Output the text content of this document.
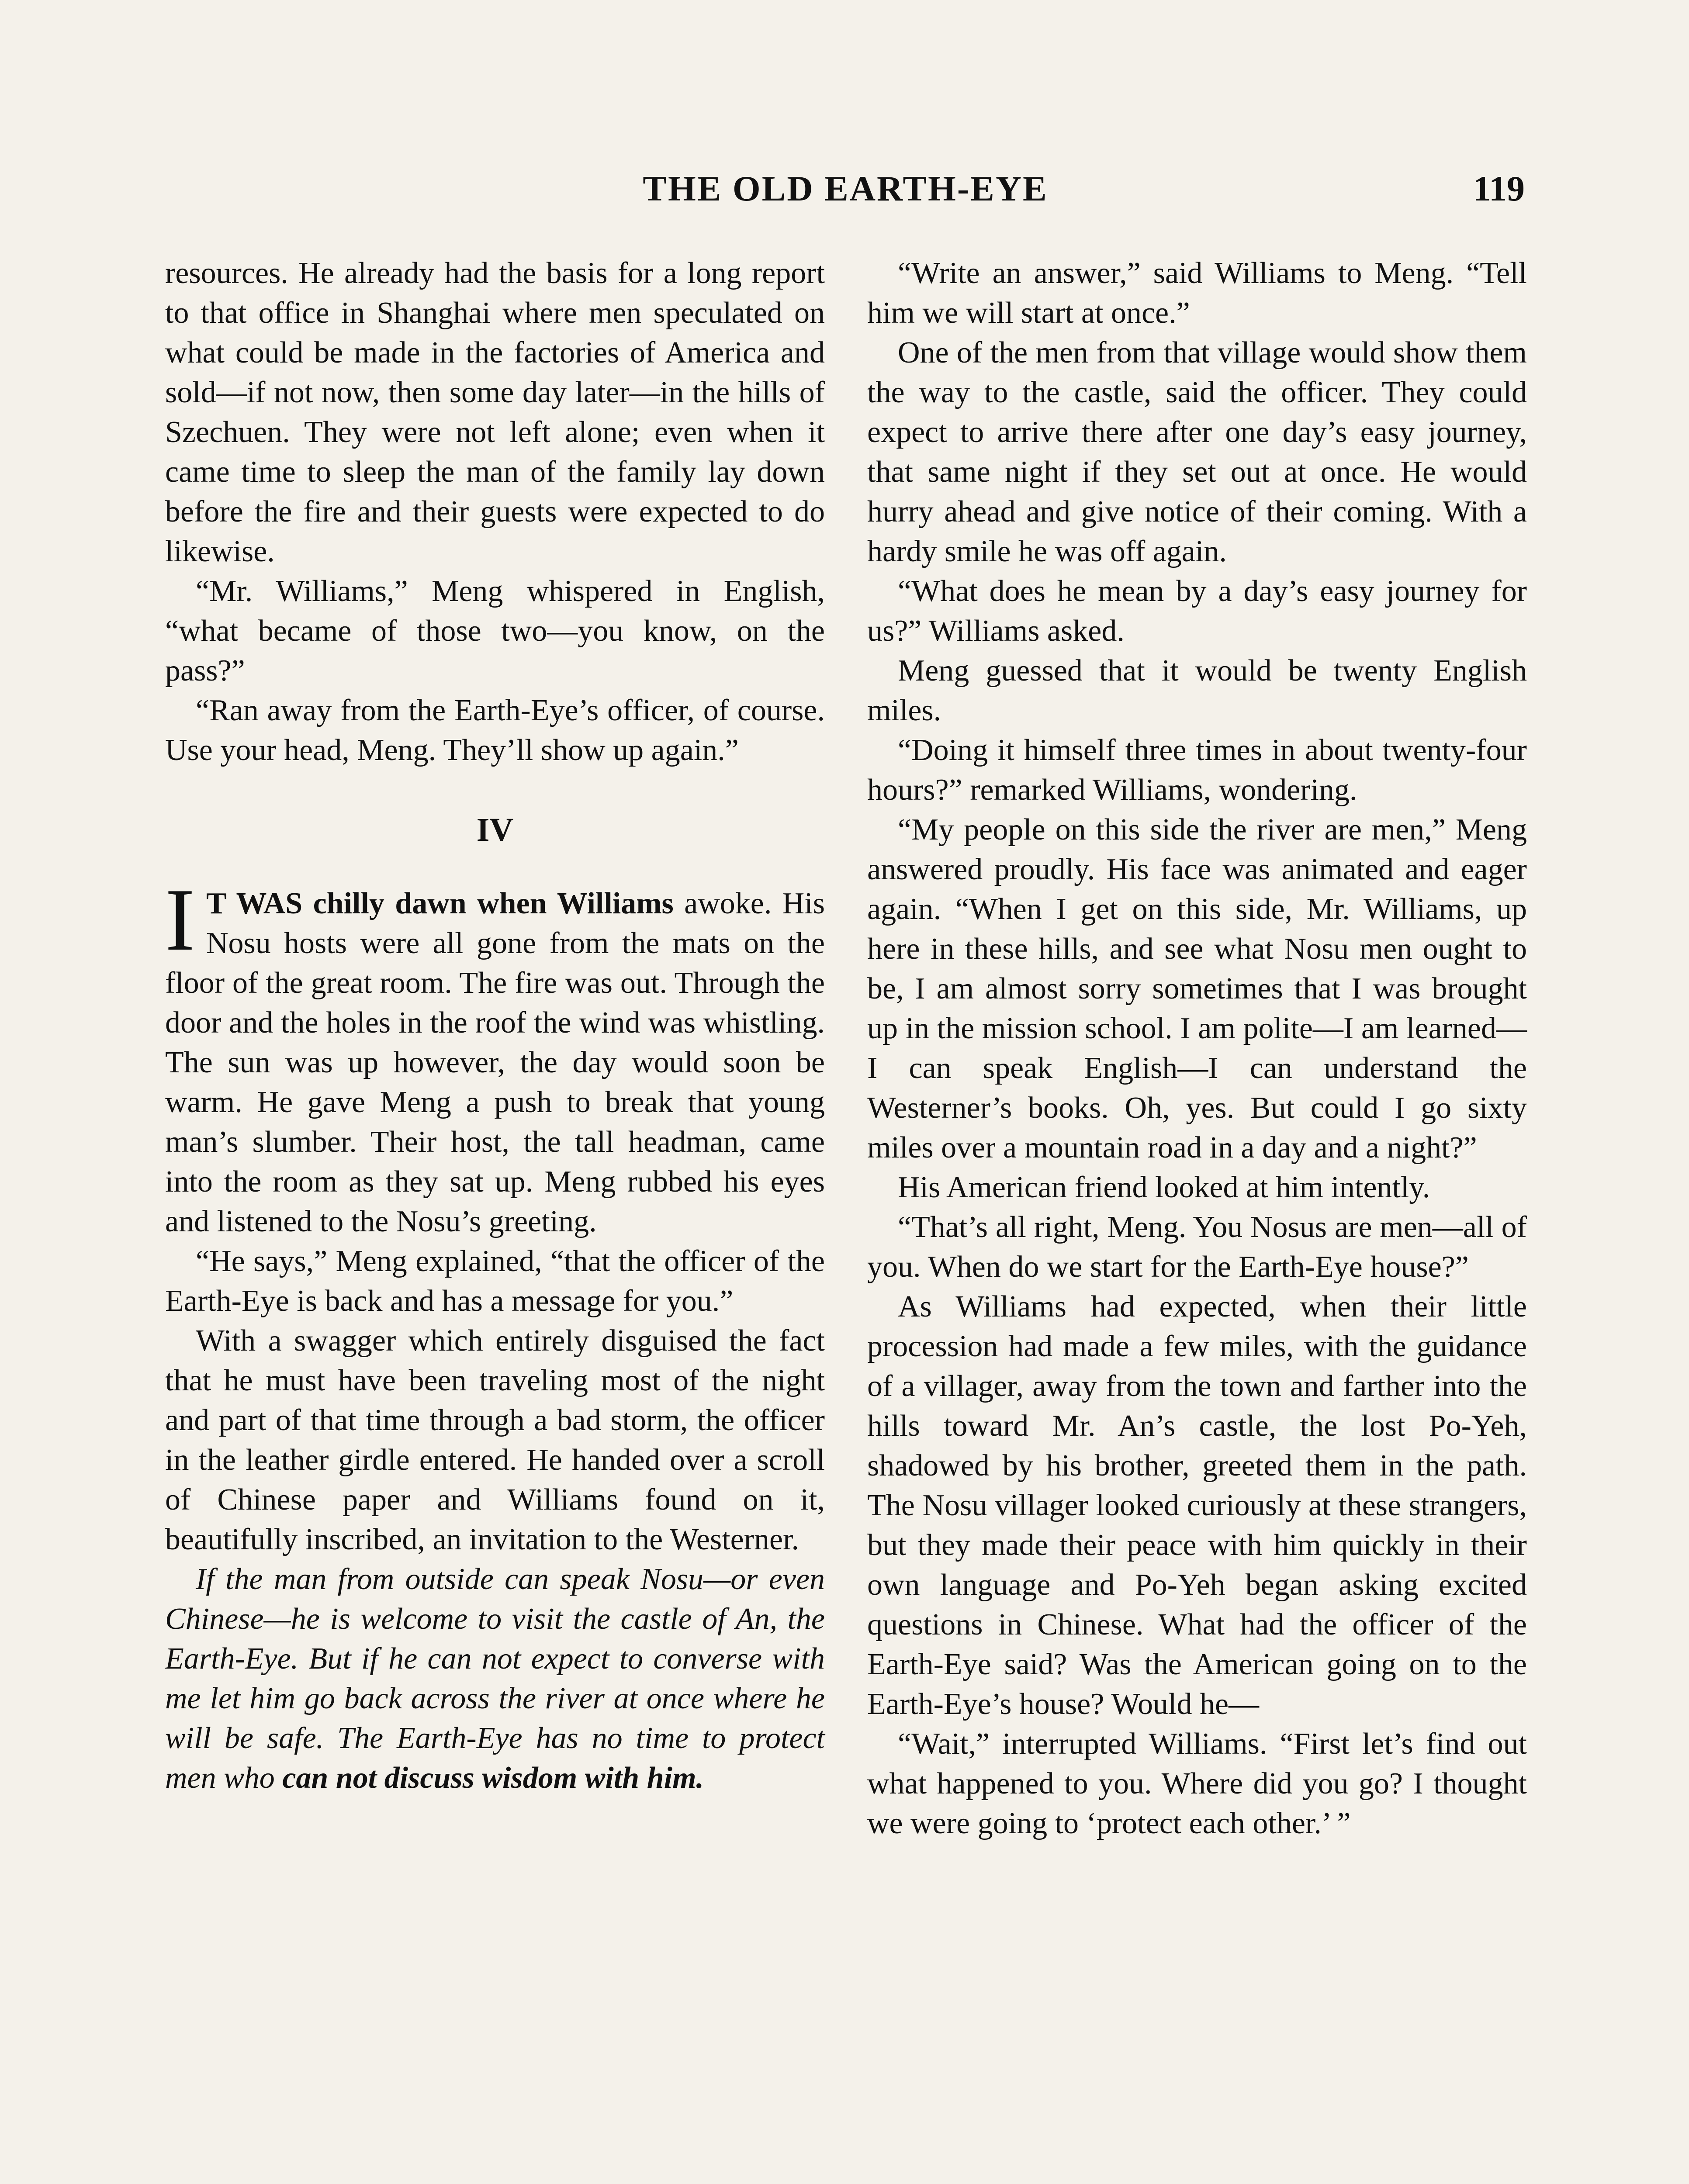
THE OLD EARTH-EYE	119

resources. He already had the basis for a long report to that office in Shanghai where men speculated on what could be made in the factories of America and sold—if not now, then some day later—in the hills of Szechuen. They were not left alone; even when it came time to sleep the man of the family lay down before the fire and their guests were expected to do likewise.

“Mr. Williams,” Meng whispered in English, “what became of those two—you know, on the pass?”

“Ran away from the Earth-Eye’s officer, of course. Use your head, Meng. They’ll show up again.”

IV

I T WAS chilly dawn when Williams awoke. His Nosu hosts were all gone from the mats on the floor of the great room. The fire was out. Through the door and the holes in the roof the wind was whistling. The sun was up however, the day would soon be warm. He gave Meng a push to break that young man’s slumber. Their host, the tall headman, came into the room as they sat up. Meng rubbed his eyes and listened to the Nosu’s greeting.

“He says,” Meng explained, “that the officer of the Earth-Eye is back and has a message for you.”

With a swagger which entirely disguised the fact that he must have been traveling most of the night and part of that time through a bad storm, the officer in the leather girdle entered. He handed over a scroll of Chinese paper and Williams found on it, beautifully inscribed, an invitation to the Westerner.

If the man from outside can speak Nosu—or even Chinese—he is welcome to visit the castle of An, the Earth-Eye. But if he can not expect to converse with me let him go back across the river at once where he will be safe. The Earth-Eye has no time to protect men who can not discuss wisdom with him.

“Write an answer,” said Williams to Meng. “Tell him we will start at once.”

One of the men from that village would show them the way to the castle, said the officer. They could expect to arrive there after one day’s easy journey, that same night if they set out at once. He would hurry ahead and give notice of their coming. With a hardy smile he was off again.

“What does he mean by a day’s easy journey for us?” Williams asked.

Meng guessed that it would be twenty English miles.

“Doing it himself three times in about twenty-four hours?” remarked Williams, wondering.

“My people on this side the river are men,” Meng answered proudly. His face was animated and eager again. “When I get on this side, Mr. Williams, up here in these hills, and see what Nosu men ought to be, I am almost sorry sometimes that I was brought up in the mission school. I am polite—I am learned—I can speak English—I can understand the Westerner’s books. Oh, yes. But could I go sixty miles over a mountain road in a day and a night?”

His American friend looked at him intently.

“That’s all right, Meng. You Nosus are men—all of you. When do we start for the Earth-Eye house?”

As Williams had expected, when their little procession had made a few miles, with the guidance of a villager, away from the town and farther into the hills toward Mr. An’s castle, the lost Po-Yeh, shadowed by his brother, greeted them in the path. The Nosu villager looked curiously at these strangers, but they made their peace with him quickly in their own language and Po-Yeh began asking excited questions in Chinese. What had the officer of the Earth-Eye said? Was the American going on to the Earth-Eye’s house? Would he—

“Wait,” interrupted Williams. “First let’s find out what happened to you. Where did you go? I thought we were going to ‘protect each other.’ ”
